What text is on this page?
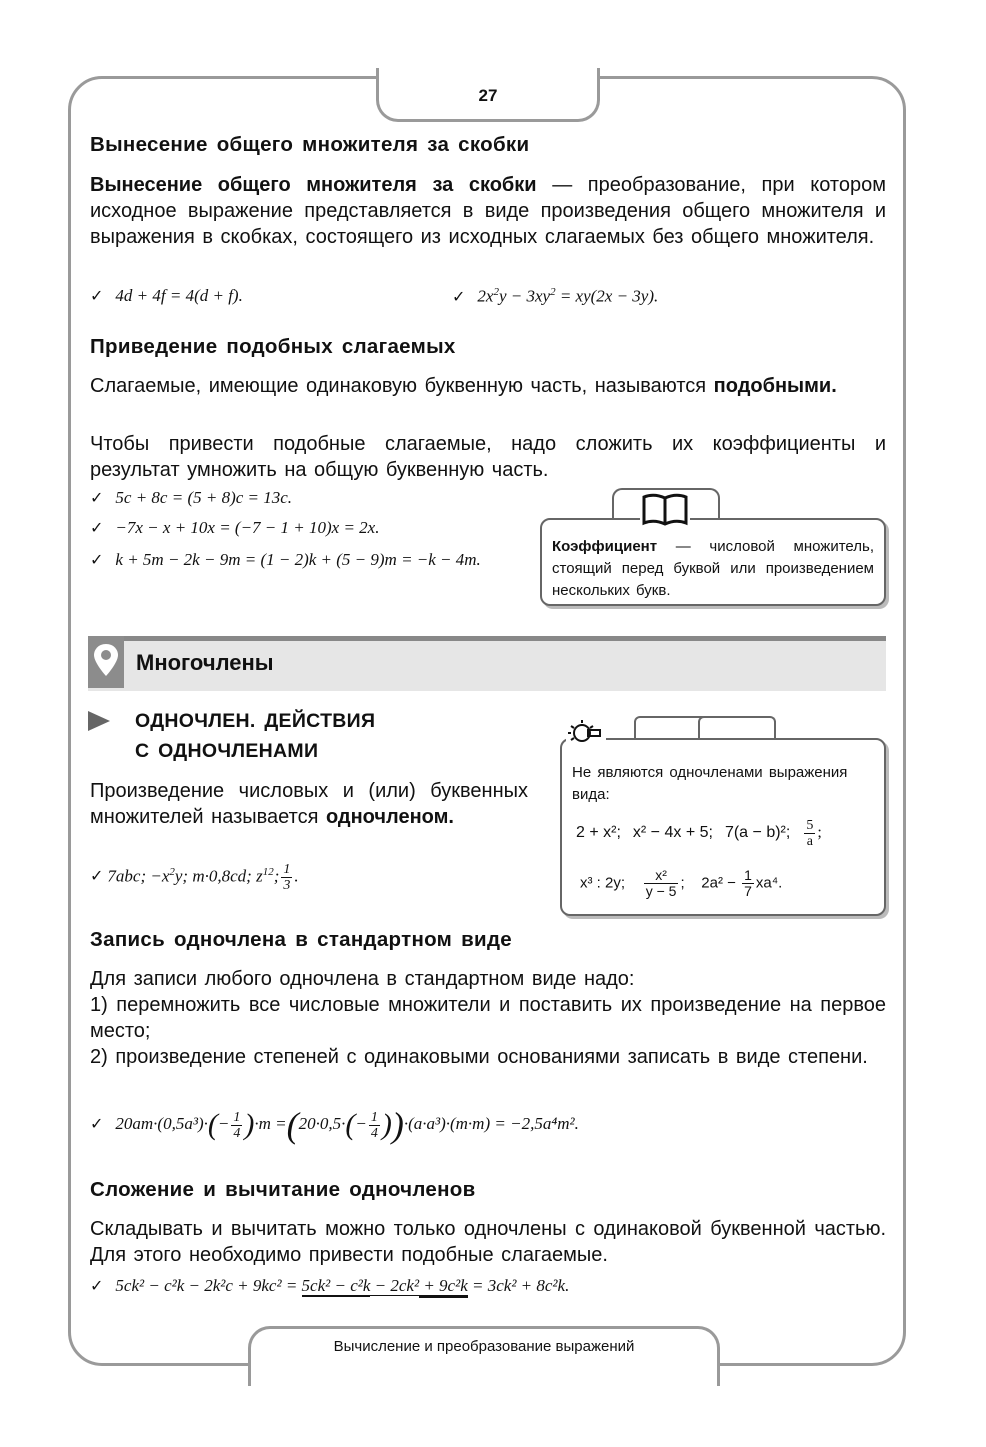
27
Вычисление и преобразование выражений
Вынесение общего множителя за скобки

Вынесение общего множителя за скобки — преобразование, при котором исходное выражение представляется в виде произведения общего множителя и выражения в скобках, состоящего из исходных слагаемых без общего множителя.

✓ 4d + 4f = 4(d + f).	✓ $2x^2y - 3xy^2 = xy(2x - 3y)$.
Приведение подобных слагаемых

Слагаемые, имеющие одинаковую буквенную часть, называются подобными.

Чтобы привести подобные слагаемые, надо сложить их коэффициенты и результат умножить на общую буквенную часть.

✓ 5c + 8c = (5 + 8)c = 13c.
✓ −7x − x + 10x = (−7 − 1 + 10)x = 2x.
✓ k + 5m − 2k − 9m = (1 − 2)k + (5 − 9)m = −k − 4m.
Коэффициент — числовой множитель, стоящий перед буквой или произведением нескольких букв.
Многочлены
ОДНОЧЛЕН. ДЕЙСТВИЯ
С ОДНОЧЛЕНАМИ

Произведение числовых и (или) буквенных множителей называется одночленом.

✓ 7abc; $-x^2y$; m·0,8cd; $z^{12}$; $\frac{1}{3}$ .
Не являются одночленами выражения вида:
2 + x²; x² − 4x + 5; 7(a − b)²; $\frac{5}{a}$ ;
x³ : 2y; $\frac{\text{x²}}{y - 5}$ ;    $2a^2 - \frac{1}{7} xa^4$.
Запись одночлена в стандартном виде

Для записи любого одночлена в стандартном виде надо:

1) перемножить все числовые множители и поставить их произведение на первое место;

2) произведение степеней с одинаковыми основаниями записать в виде степени.

✓ $20am\cdot(0,5a^3)\cdot(- \frac{1}{4} )\cdot m =(20\cdot 0,5\cdot(- \frac{1}{4} ))\cdot(a\cdot a^3)\cdot(m\cdot m) = -2,5a^4m^2$.
Сложение и вычитание одночленов

Складывать и вычитать можно только одночлены с одинаковой буквенной частью. Для этого необходимо привести подобные слагаемые.

✓ 5ck² − c²k − 2k²c + 9kc² = 5ck² − c²k − 2ck² + 9c²k = 3ck² + 8c²k.
